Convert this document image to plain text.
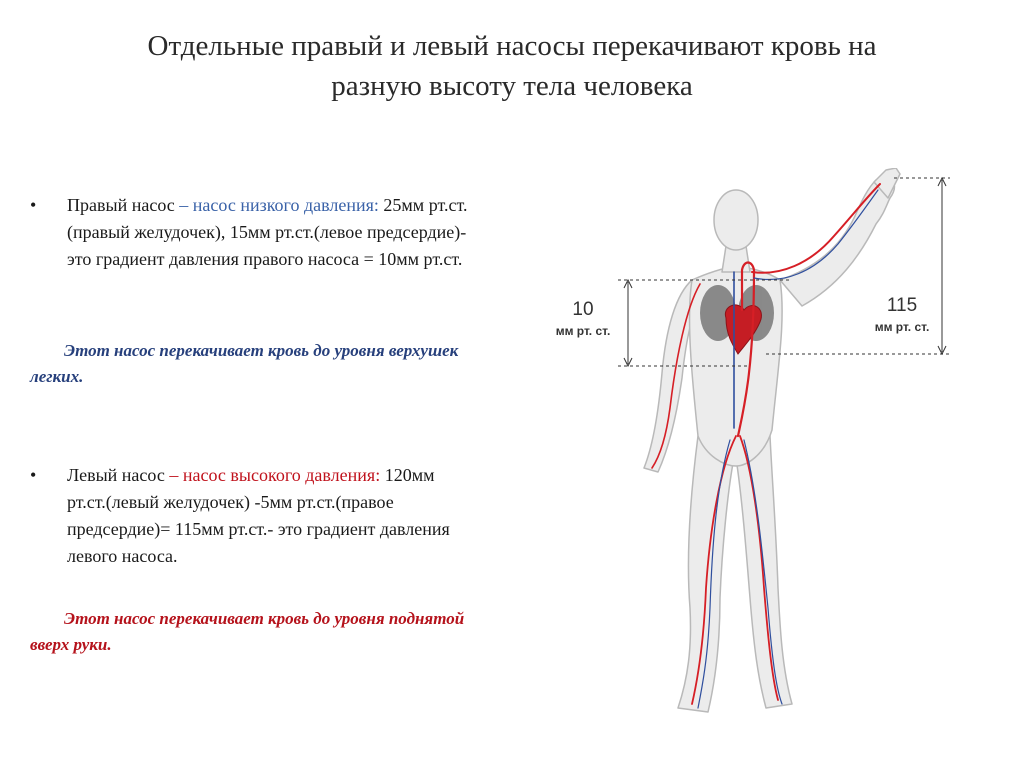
Отдельные правый и левый насосы перекачивают кровь на
разную высоту тела человека
• Правый насос – насос низкого давления: 25мм рт.ст.(правый желудочек), 15мм рт.ст.(левое предсердие)- это градиент давления правого насоса = 10мм рт.ст.
Этот насос перекачивает кровь до уровня верхушек легких.
• Левый насос – насос высокого давления: 120мм рт.ст.(левый желудочек) -5мм рт.ст.(правое предсердие)= 115мм рт.ст.- это градиент давления левого насоса.
Этот насос перекачивает кровь до уровня поднятой вверх руки.
10
мм рт. ст.
115
мм рт. ст.
